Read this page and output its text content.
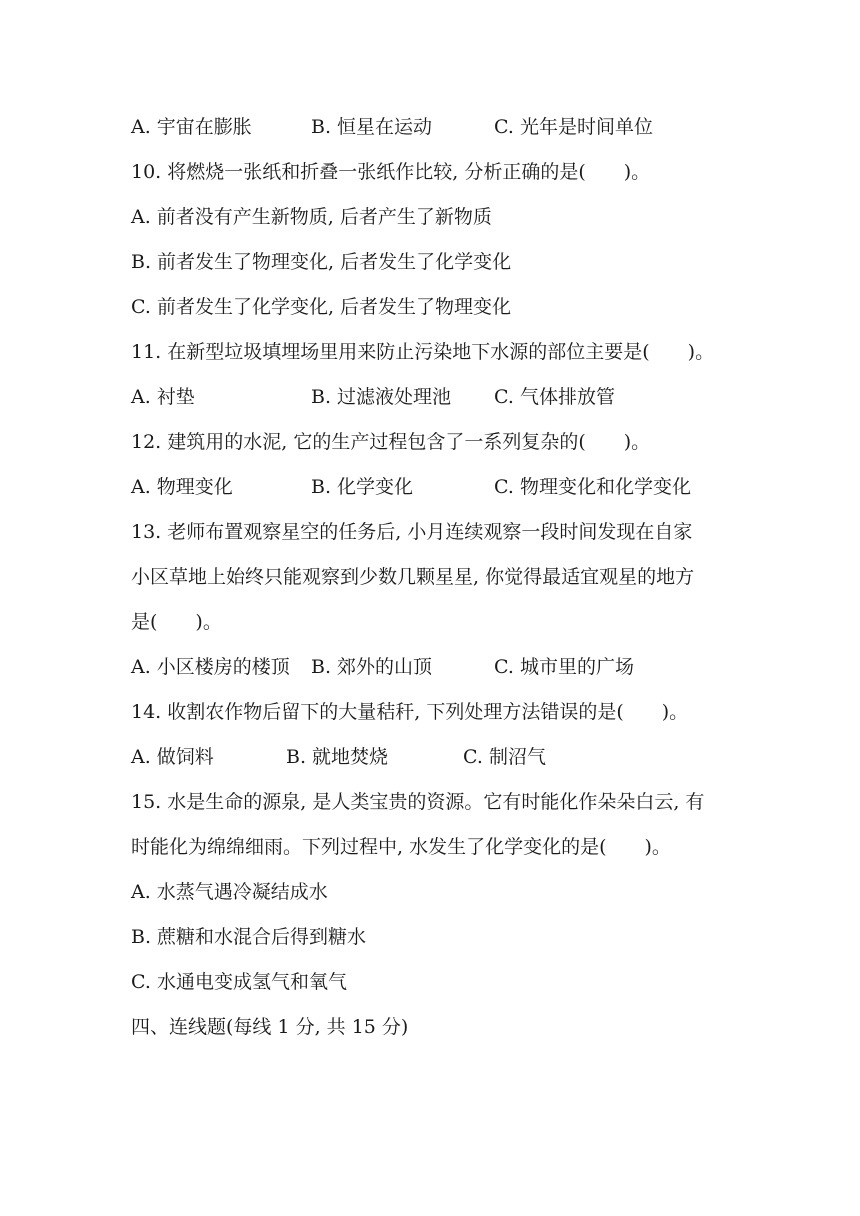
A. 宇宙在膨胀	B. 恒星在运动	C. 光年是时间单位
10. 将燃烧一张纸和折叠一张纸作比较, 分析正确的是(　　)。
A. 前者没有产生新物质, 后者产生了新物质
B. 前者发生了物理变化, 后者发生了化学变化
C. 前者发生了化学变化, 后者发生了物理变化
11. 在新型垃圾填埋场里用来防止污染地下水源的部位主要是(　　)。
A. 衬垫	B. 过滤液处理池 C. 气体排放管
12. 建筑用的水泥, 它的生产过程包含了一系列复杂的(　　)。
A. 物理变化	B. 化学变化	C. 物理变化和化学变化
13. 老师布置观察星空的任务后, 小月连续观察一段时间发现在自家
小区草地上始终只能观察到少数几颗星星, 你觉得最适宜观星的地方
是(　　)。
A. 小区楼房的楼顶 B. 郊外的山顶	C. 城市里的广场
14. 收割农作物后留下的大量秸秆, 下列处理方法错误的是(　　)。
A. 做饲料	B. 就地焚烧	C. 制沼气
15. 水是生命的源泉, 是人类宝贵的资源。它有时能化作朵朵白云, 有
时能化为绵绵细雨。下列过程中, 水发生了化学变化的是(　　)。
A. 水蒸气遇冷凝结成水
B. 蔗糖和水混合后得到糖水
C. 水通电变成氢气和氧气
四、连线题(每线 1 分, 共 15 分)
